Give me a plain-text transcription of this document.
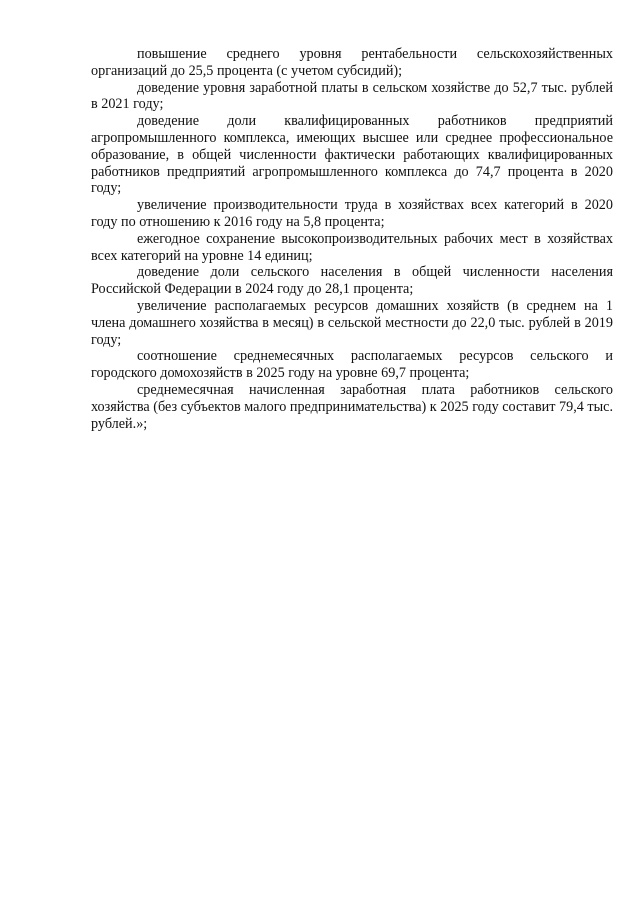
повышение среднего уровня рентабельности сельскохозяйственных организаций до 25,5 процента (с учетом субсидий);

доведение уровня заработной платы в сельском хозяйстве до 52,7 тыс. рублей в 2021 году;

доведение доли квалифицированных работников предприятий агропромышленного комплекса, имеющих высшее или среднее профессиональное образование, в общей численности фактически работающих квалифицированных работников предприятий агропромышленного комплекса до 74,7 процента в 2020 году;

увеличение производительности труда в хозяйствах всех категорий в 2020 году по отношению к 2016 году на 5,8 процента;

ежегодное сохранение высокопроизводительных рабочих мест в хозяйствах всех категорий на уровне 14 единиц;

доведение доли сельского населения в общей численности населения Российской Федерации в 2024 году до 28,1 процента;

увеличение располагаемых ресурсов домашних хозяйств (в среднем на 1 члена домашнего хозяйства в месяц) в сельской местности до 22,0 тыс. рублей в 2019 году;

соотношение среднемесячных располагаемых ресурсов сельского и городского домохозяйств в 2025 году на уровне 69,7 процента;

среднемесячная начисленная заработная плата работников сельского хозяйства (без субъектов малого предпринимательства) к 2025 году составит 79,4 тыс. рублей.»;
